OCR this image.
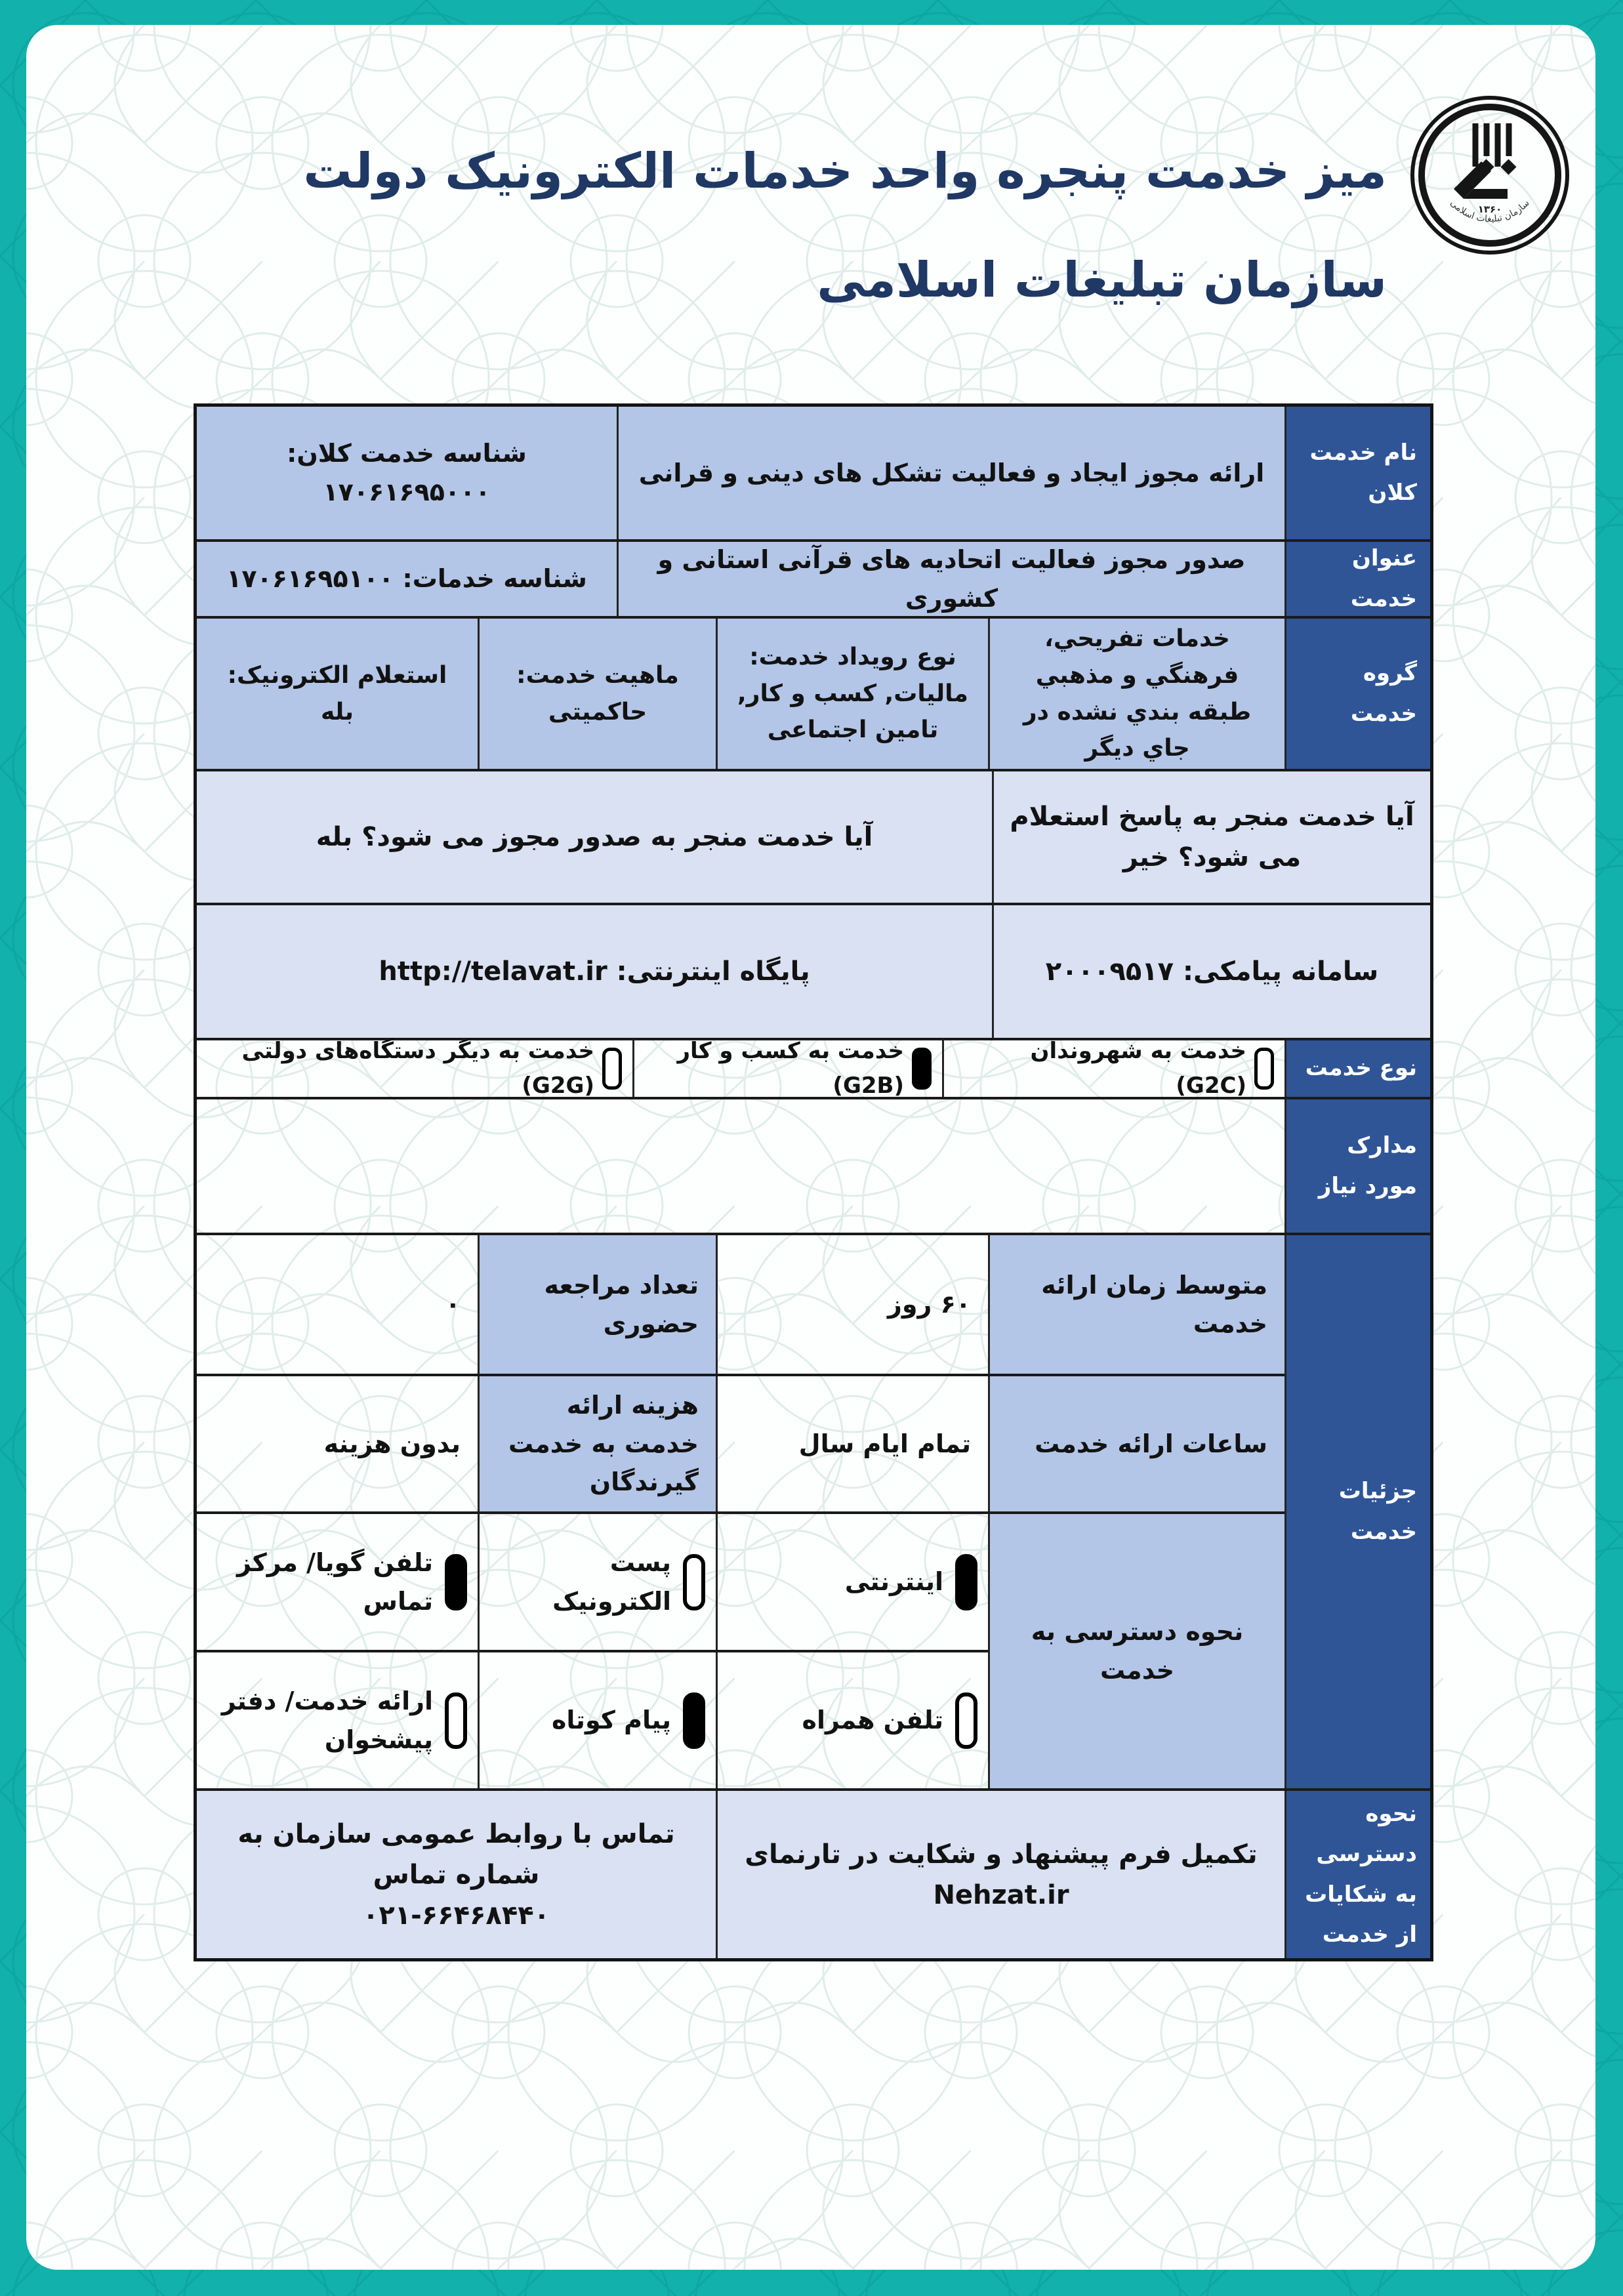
میز خدمت پنجره واحد خدمات الکترونیک دولت
سازمان تبلیغات اسلامی
۱۳۶۰
سازمان تبلیغات اسلامی
نام خدمت کلان
ارائه مجوز ایجاد و فعالیت تشکل های دینی و قرانی
شناسه خدمت کلان: ۱۷۰۶۱۶۹۵۰۰۰
عنوان خدمت
صدور مجوز فعالیت اتحادیه های قرآنی استانی و کشوری
شناسه خدمات: ۱۷۰۶۱۶۹۵۱۰۰
گروه خدمت
خدمات تفریحي، فرهنگي و مذهبي طبقه بندي نشده در جاي دیگر
نوع رویداد خدمت: مالیات, کسب و کار, تامین اجتماعی
ماهیت خدمت: حاکمیتی
استعلام الکترونیک: بله
آیا خدمت منجر به پاسخ استعلام می شود؟ خیر
آیا خدمت منجر به صدور مجوز می شود؟ بله
سامانه پیامکی: ۲۰۰۰۹۵۱۷
پایگاه اینترنتی: http://telavat.ir
نوع خدمت
خدمت به شهروندان (G2C)
خدمت به کسب و کار (G2B)
خدمت به دیگر دستگاه‌های دولتی (G2G)
مدارک مورد نیاز
جزئیات خدمت
متوسط زمان ارائه خدمت
۶۰ روز
تعداد مراجعه حضوری
۰
ساعات ارائه خدمت
تمام ایام سال
هزینه ارائه خدمت به خدمت گیرندگان
بدون هزینه
نحوه دسترسی به خدمت
اینترنتی
پست الکترونیک
تلفن گویا/ مرکز تماس
تلفن همراه
پیام کوتاه
ارائه خدمت/ دفتر پیشخوان
نحوه دسترسی به شکایات از خدمت
تکمیل فرم پیشنهاد و شکایت در تارنمای Nehzat.ir
تماس با روابط عمومی سازمان به شماره تماس
۰۲۱-۶۶۴۶۸۴۴۰
